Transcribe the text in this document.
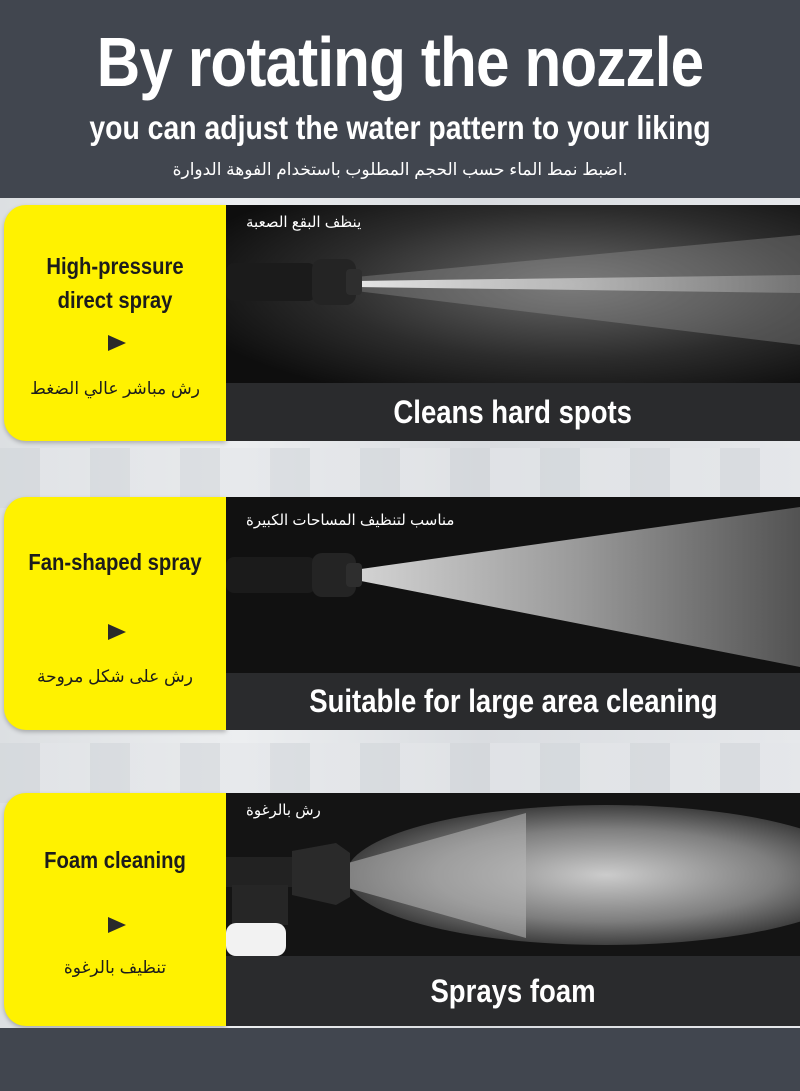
By rotating the nozzle
you can adjust the water pattern to your liking
.اضبط نمط الماء حسب الحجم المطلوب باستخدام الفوهة الدوارة
High-pressure
direct spray
رش مباشر عالي الضغط
ينظف البقع الصعبة
Cleans hard spots
Fan-shaped spray
رش على شكل مروحة
مناسب لتنظيف المساحات الكبيرة
Suitable for large area cleaning
Foam cleaning
تنظيف بالرغوة
رش بالرغوة
Sprays foam
